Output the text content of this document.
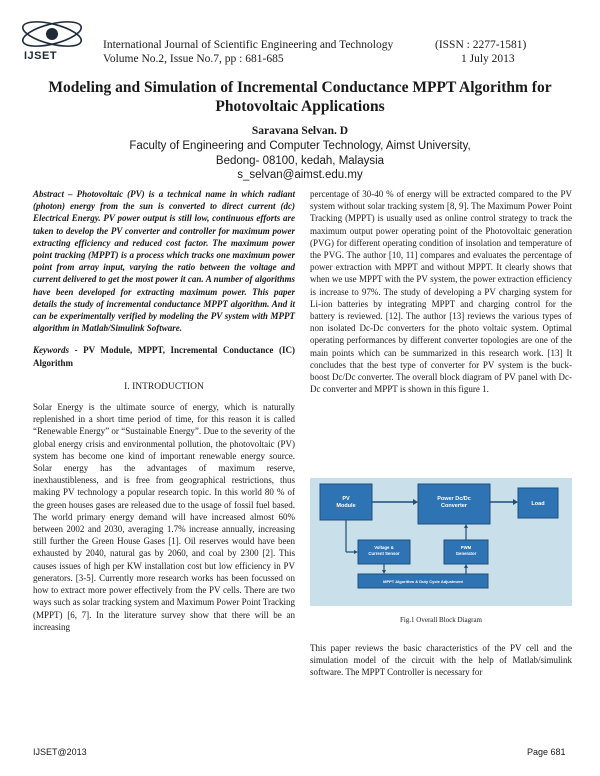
IJSET
International Journal of Scientific Engineering and Technology	(ISSN : 2277-1581)
Volume No.2, Issue No.7, pp : 681-685	1 July 2013
Modeling and Simulation of Incremental Conductance MPPT Algorithm for Photovoltaic Applications
Saravana Selvan. D
Faculty of Engineering and Computer Technology, Aimst University,
Bedong- 08100, kedah, Malaysia
s_selvan@aimst.edu.my
Abstract – Photovoltaic (PV) is a technical name in which radiant (photon) energy from the sun is converted to direct current (dc) Electrical Energy. PV power output is still low, continuous efforts are taken to develop the PV converter and controller for maximum power extracting efficiency and reduced cost factor. The maximum power point tracking (MPPT) is a process which tracks one maximum power point from array input, varying the ratio between the voltage and current delivered to get the most power it can. A number of algorithms have been developed for extracting maximum power. This paper details the study of incremental conductance MPPT algorithm. And it can be experimentally verified by modeling the PV system with MPPT algorithm in Matlab/Simulink Software.
Keywords - PV Module, MPPT, Incremental Conductance (IC) Algorithm
I. INTRODUCTION
Solar Energy is the ultimate source of energy, which is naturally replenished in a short time period of time, for this reason it is called “Renewable Energy” or “Sustainable Energy”. Due to the severity of the global energy crisis and environmental pollution, the photovoltaic (PV) system has become one kind of important renewable energy source. Solar energy has the advantages of maximum reserve, inexhaustibleness, and is free from geographical restrictions, thus making PV technology a popular research topic. In this world 80 % of the green houses gases are released due to the usage of fossil fuel based. The world primary energy demand will have increased almost 60% between 2002 and 2030, averaging 1.7% increase annually, increasing still further the Green House Gases [1]. Oil reserves would have been exhausted by 2040, natural gas by 2060, and coal by 2300 [2]. This causes issues of high per KW installation cost but low efficiency in PV generators. [3-5]. Currently more research works has been focussed on how to extract more power effectively from the PV cells. There are two ways such as solar tracking system and Maximum Power Point Tracking (MPPT) [6, 7]. In the literature survey show that there will be an increasing
percentage of 30-40 % of energy will be extracted compared to the PV system without solar tracking system [8, 9]. The Maximum Power Point Tracking (MPPT) is usually used as online control strategy to track the maximum output power operating point of the Photovoltaic generation (PVG) for different operating condition of insolation and temperature of the PVG. The author [10, 11] compares and evaluates the percentage of power extraction with MPPT and without MPPT. It clearly shows that when we use MPPT with the PV system, the power extraction efficiency is increase to 97%. The study of developing a PV charging system for Li-ion batteries by integrating MPPT and charging control for the battery is reviewed. [12]. The author [13] reviews the various types of non isolated Dc-Dc converters for the photo voltaic system. Optimal operating performances by different converter topologies are one of the main points which can be summarized in this research work. [13] It concludes that the best type of converter for PV system is the buck-boost Dc/Dc converter. The overall block diagram of PV panel with Dc-Dc converter and MPPT is shown in this figure 1.
PV Module
Power Dc/Dc Converter	Load
Voltage & Current Sensor
PWM Generator
MPPT Algorithm & Duty Cycle Adjustment
Fig.1 Overall Block Diagram
This paper reviews the basic characteristics of the PV cell and the simulation model of the circuit with the help of Matlab/simulink software. The MPPT Controller is necessary for
IJSET@2013	Page 681
